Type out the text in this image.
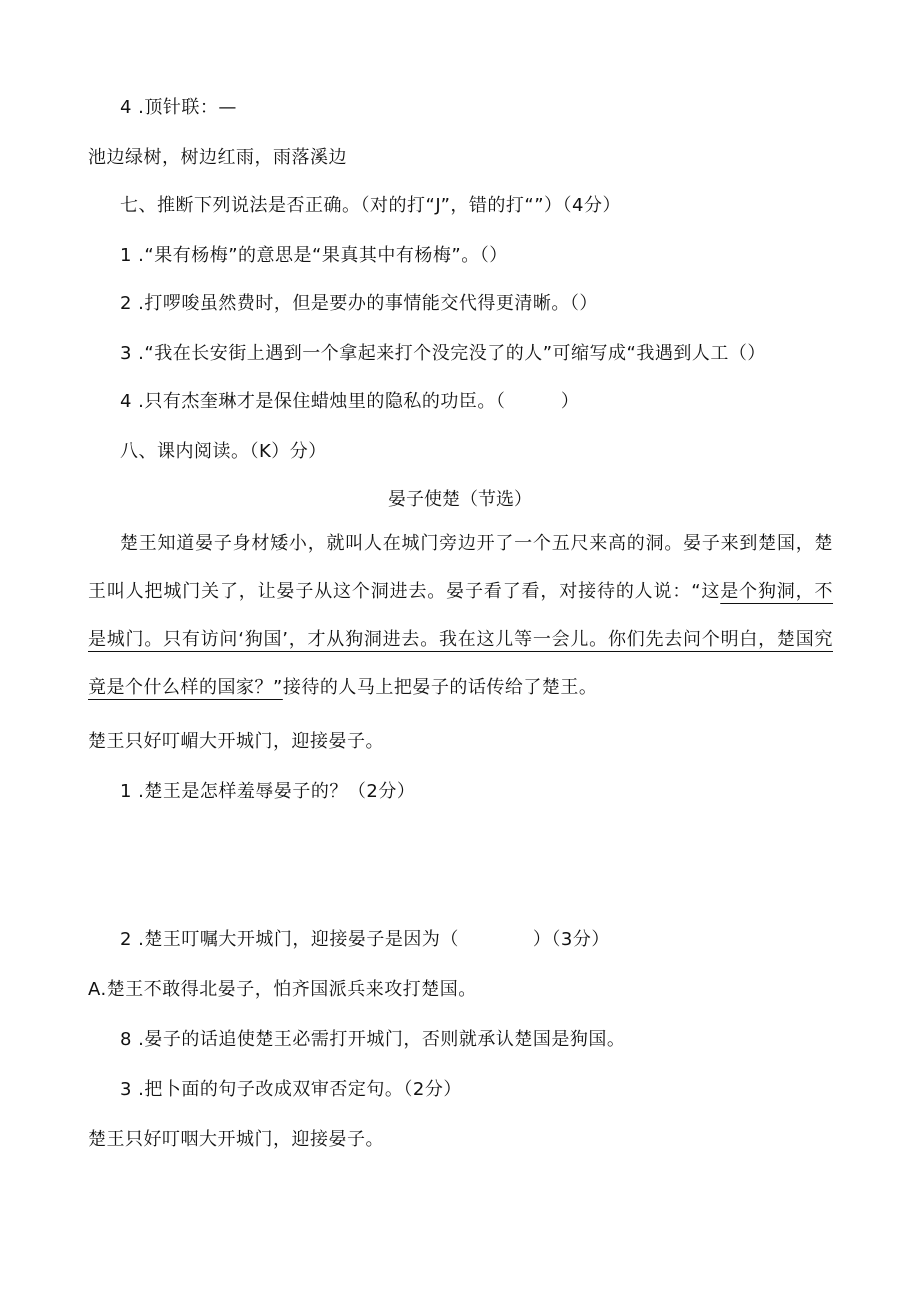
4 .顶针联：—
池边绿树，树边红雨，雨落溪边
七、推断下列说法是否正确。（对的打“J”，错的打“”）（4分）
1 .“果有杨梅”的意思是“果真其中有杨梅”。（）
2 .打啰唆虽然费时，但是要办的事情能交代得更清晰。（）
3 .“我在长安街上遇到一个拿起来打个没完没了的人”可缩写成“我遇到人工（）
4 .只有杰奎琳才是保住蜡烛里的隐私的功臣。（　　　）
八、课内阅读。（K）分）
晏子使楚（节选）
楚王知道晏子身材矮小，就叫人在城门旁边开了一个五尺来高的洞。晏子来到楚国，楚王叫人把城门关了，让晏子从这个洞进去。晏子看了看，对接待的人说：“这是个狗洞，不是城门。只有访问‘狗国’，才从狗洞进去。我在这儿等一会儿。你们先去问个明白，楚国究竟是个什么样的国家？”接待的人马上把晏子的话传给了楚王。
楚王只好叮嵋大开城门，迎接晏子。
1 .楚王是怎样羞辱晏子的？（2分）
2 .楚王叮嘱大开城门，迎接晏子是因为（　　　　）（3分）
A.楚王不敢得北晏子，怕齐国派兵来攻打楚国。
8 .晏子的话追使楚王必需打开城门，否则就承认楚国是狗国。
3 .把卜面的句子改成双审否定句。（2分）
楚王只好叮咽大开城门，迎接晏子。
